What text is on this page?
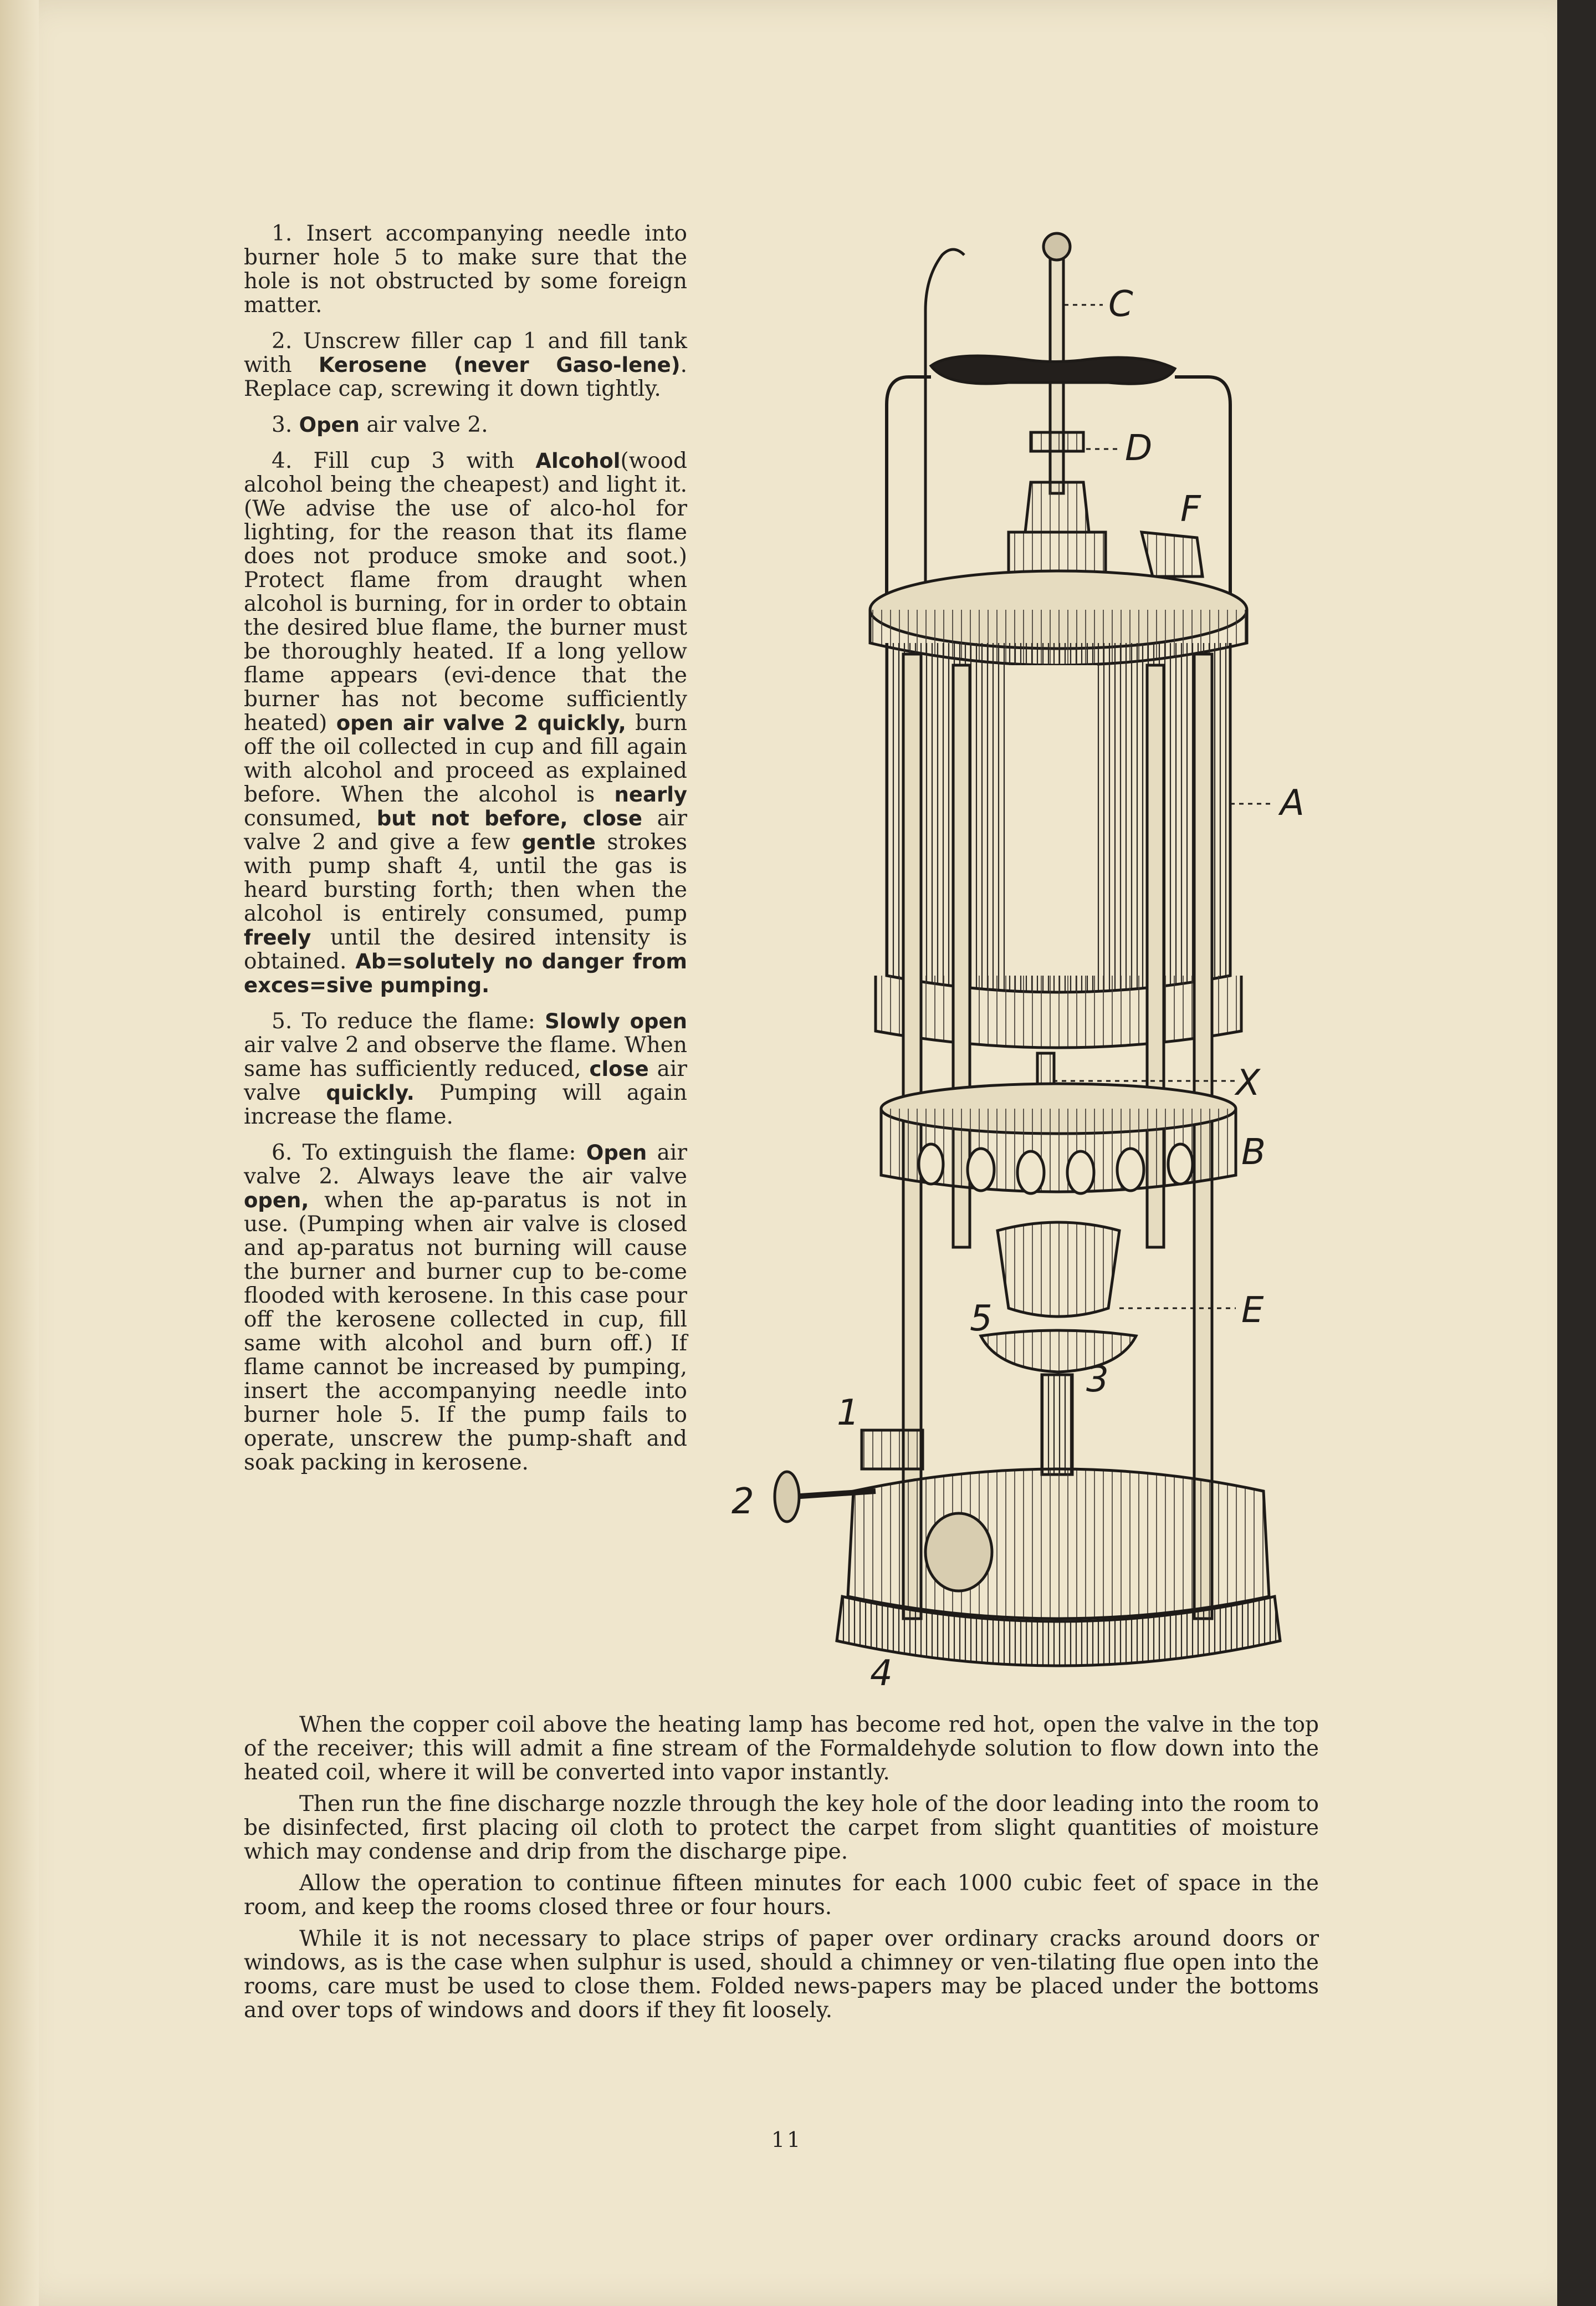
1. Insert accompanying needle into burner hole 5 to make sure that the hole is not obstructed by some foreign matter.

2. Unscrew filler cap 1 and fill tank with Kerosene (never Gaso-lene). Replace cap, screwing it down tightly.

3. Open air valve 2.

4. Fill cup 3 with Alcohol(wood alcohol being the cheapest) and light it. (We advise the use of alco-hol for lighting, for the reason that its flame does not produce smoke and soot.) Protect flame from draught when alcohol is burning, for in order to obtain the desired blue flame, the burner must be thoroughly heated. If a long yellow flame appears (evi-dence that the burner has not become sufficiently heated) open air valve 2 quickly, burn off the oil collected in cup and fill again with alcohol and proceed as explained before. When the alcohol is nearly consumed, but not before, close air valve 2 and give a few gentle strokes with pump shaft 4, until the gas is heard bursting forth; then when the alcohol is entirely consumed, pump freely until the desired intensity is obtained. Ab=solutely no danger from exces=sive pumping.

5. To reduce the flame: Slowly open air valve 2 and observe the flame. When same has sufficiently reduced, close air valve quickly. Pumping will again increase the flame.

6. To extinguish the flame: Open air valve 2. Always leave the air valve open, when the ap-paratus is not in use. (Pumping when air valve is closed and ap-paratus not burning will cause the burner and burner cup to be-come flooded with kerosene. In this case pour off the kerosene collected in cup, fill same with alcohol and burn off.) If flame cannot be increased by pumping, insert the accompanying needle into burner hole 5. If the pump fails to operate, unscrew the pump-shaft and soak packing in kerosene.

C
D
F
A
X
B
E
5
3
1
2
4

When the copper coil above the heating lamp has become red hot, open the valve in the top of the receiver; this will admit a fine stream of the Formaldehyde solution to flow down into the heated coil, where it will be converted into vapor instantly.

Then run the fine discharge nozzle through the key hole of the door leading into the room to be disinfected, first placing oil cloth to protect the carpet from slight quantities of moisture which may condense and drip from the discharge pipe.

Allow the operation to continue fifteen minutes for each 1000 cubic feet of space in the room, and keep the rooms closed three or four hours.

While it is not necessary to place strips of paper over ordinary cracks around doors or windows, as is the case when sulphur is used, should a chimney or ven-tilating flue open into the rooms, care must be used to close them. Folded news-papers may be placed under the bottoms and over tops of windows and doors if they fit loosely.

11
